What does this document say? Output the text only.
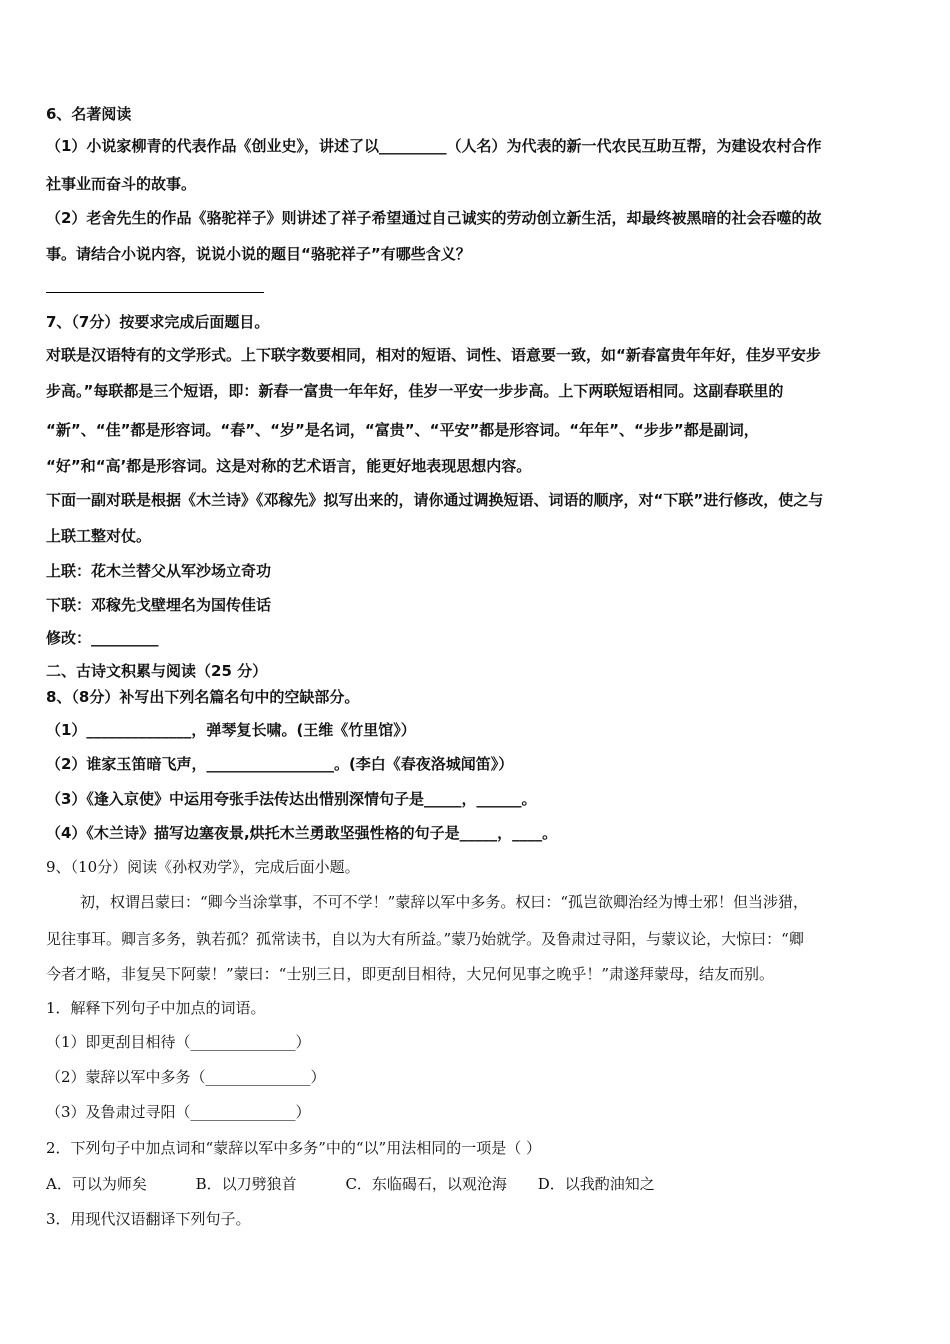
6、名著阅读
（1）小说家柳青的代表作品《创业史》，讲述了以_________（人名）为代表的新一代农民互助互帮，为建设农村合作
社事业而奋斗的故事。
（2）老舍先生的作品《骆驼祥子》则讲述了祥子希望通过自己诚实的劳动创立新生活，却最终被黑暗的社会吞噬的故
事。请结合小说内容，说说小说的题目“骆驼祥子”有哪些含义？
7、（7分）按要求完成后面题目。
对联是汉语特有的文学形式。上下联字数要相同，相对的短语、词性、语意要一致，如“新春富贵年年好，佳岁平安步
步高。”每联都是三个短语，即：新春一富贵一年年好，佳岁一平安一步步高。上下两联短语相同。这副春联里的
“新”、“佳”都是形容词。“春”、“岁”是名词，“富贵”、“平安”都是形容词。“年年”、“步步”都是副词，
“好”和“高’都是形容词。这是对称的艺术语言，能更好地表现思想内容。
下面一副对联是根据《木兰诗》《邓稼先》拟写出来的，请你通过调换短语、词语的顺序，对“下联”进行修改，使之与
上联工整对仗。
上联：花木兰替父从军沙场立奇功
下联：邓稼先戈壁埋名为国传佳话
修改：_________
二、古诗文积累与阅读（25 分）
8、（8分）补写出下列名篇名句中的空缺部分。
（1）______________，弹琴复长啸。(王维《竹里馆》）
（2）谁家玉笛暗飞声，_________________。(李白《春夜洛城闻笛》）
（3）《逢入京使》中运用夸张手法传达出惜别深情句子是_____，______。
（4）《木兰诗》描写边塞夜景,烘托木兰勇敢坚强性格的句子是_____，____。
9、（10分）阅读《孙权劝学》，完成后面小题。
初，权谓吕蒙曰：“卿今当涂掌事，不可不学！”蒙辞以军中多务。权曰：“孤岂欲卿治经为博士邪！但当涉猎，
见往事耳。卿言多务，孰若孤？孤常读书，自以为大有所益。”蒙乃始就学。及鲁肃过寻阳，与蒙议论，大惊曰：“卿
今者才略，非复吴下阿蒙！”蒙曰：“士别三日，即更刮目相待，大兄何见事之晚乎！”肃遂拜蒙母，结友而别。
1．解释下列句子中加点的词语。
（1）即更刮目相待（______________）
（2）蒙辞以军中多务（______________）
（3）及鲁肃过寻阳（______________）
2．下列句子中加点词和“蒙辞以军中多务”中的“以”用法相同的一项是（ ）
A．可以为师矣	B．以刀劈狼首	C．东临碣石，以观沧海 D．以我酌油知之
3．用现代汉语翻译下列句子。
